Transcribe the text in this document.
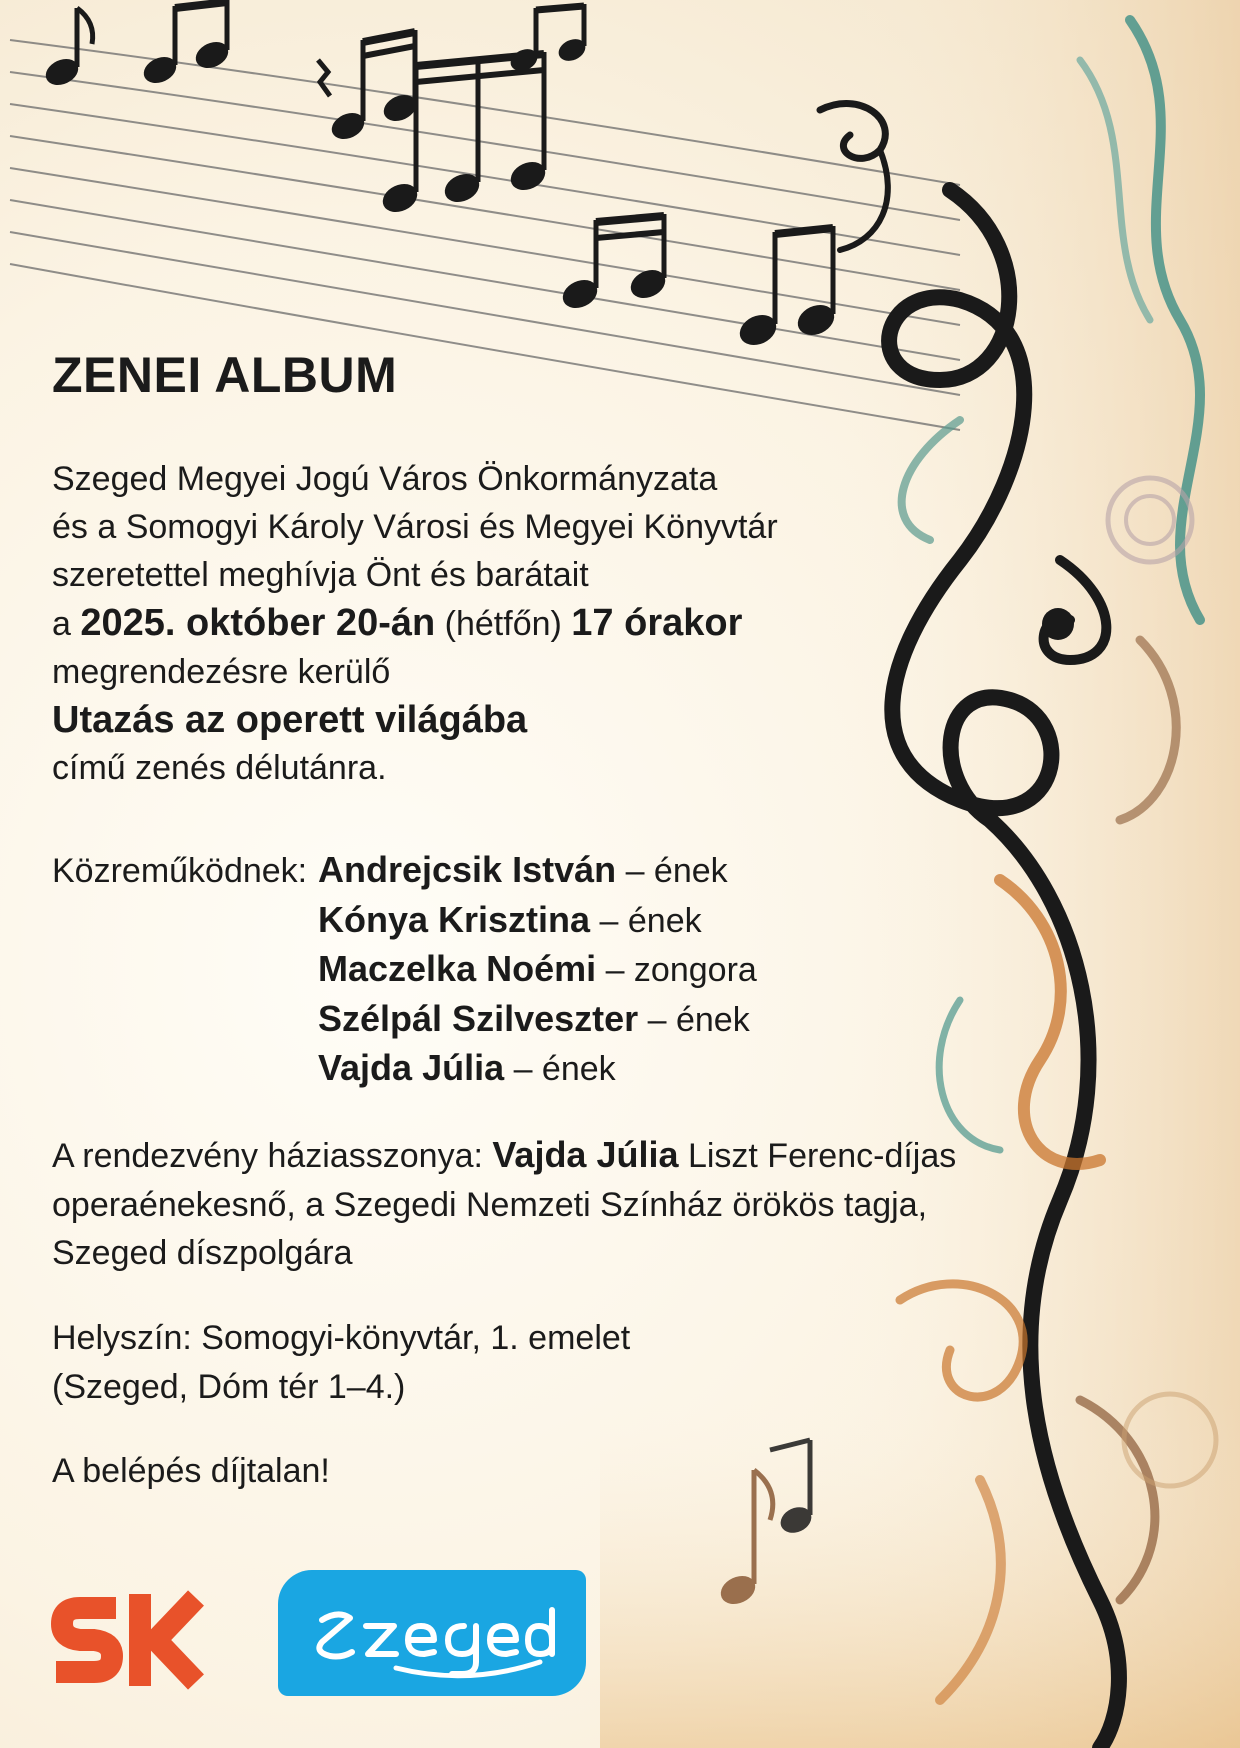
ZENEI ALBUM
Szeged Megyei Jogú Város Önkormányzata
és a Somogyi Károly Városi és Megyei Könyvtár
szeretettel meghívja Önt és barátait
a 2025. október 20-án (hétfőn) 17 órakor
megrendezésre kerülő
Utazás az operett világába
című zenés délutánra.
Közreműködnek: Andrejcsik István – ének
Kónya Krisztina – ének
Maczelka Noémi – zongora
Szélpál Szilveszter – ének
Vajda Júlia – ének
A rendezvény háziasszonya: Vajda Júlia Liszt Ferenc-díjas
operaénekesnő, a Szegedi Nemzeti Színház örökös tagja,
Szeged díszpolgára
Helyszín: Somogyi-könyvtár, 1. emelet
(Szeged, Dóm tér 1–4.)
A belépés díjtalan!
